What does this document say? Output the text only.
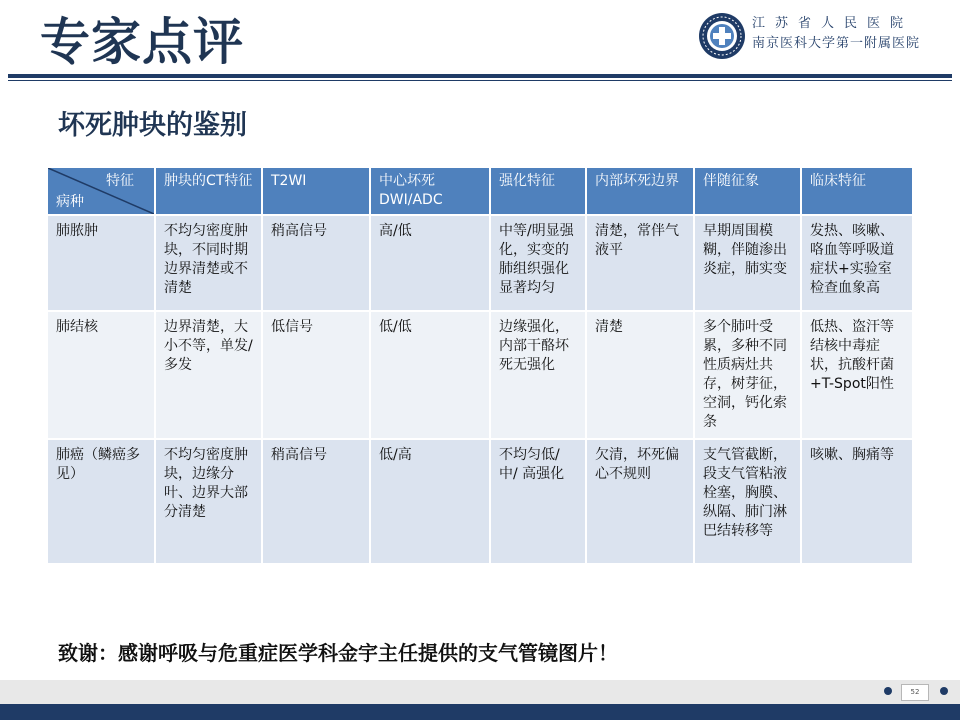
专家点评	江苏省人民医院
南京医科大学第一附属医院
坏死肿块的鉴别
特征
病种	肿块的CT特征	T2WI	中心坏死DWI/ADC	强化特征	内部坏死边界	伴随征象	临床特征
肺脓肿	不均匀密度肿块，不同时期边界清楚或不清楚	稍高信号	高/低	中等/明显强化，实变的肺组织强化显著均匀	清楚，常伴气液平	早期周围模糊，伴随渗出炎症，肺实变	发热、咳嗽、咯血等呼吸道症状+实验室检查血象高
肺结核	边界清楚，大小不等，单发/多发	低信号	低/低	边缘强化，内部干酪坏死无强化	清楚	多个肺叶受累，多种不同性质病灶共存，树芽征，空洞，钙化索条	低热、盗汗等结核中毒症状，抗酸杆菌+T-Spot阳性
肺癌（鳞癌多见）	不均匀密度肿块，边缘分叶、边界大部分清楚	稍高信号	低/高	不均匀低/中/ 高强化	欠清，坏死偏心不规则	支气管截断，段支气管粘液栓塞，胸膜、纵隔、肺门淋巴结转移等	咳嗽、胸痛等
致谢：感谢呼吸与危重症医学科金宇主任提供的支气管镜图片！
52
